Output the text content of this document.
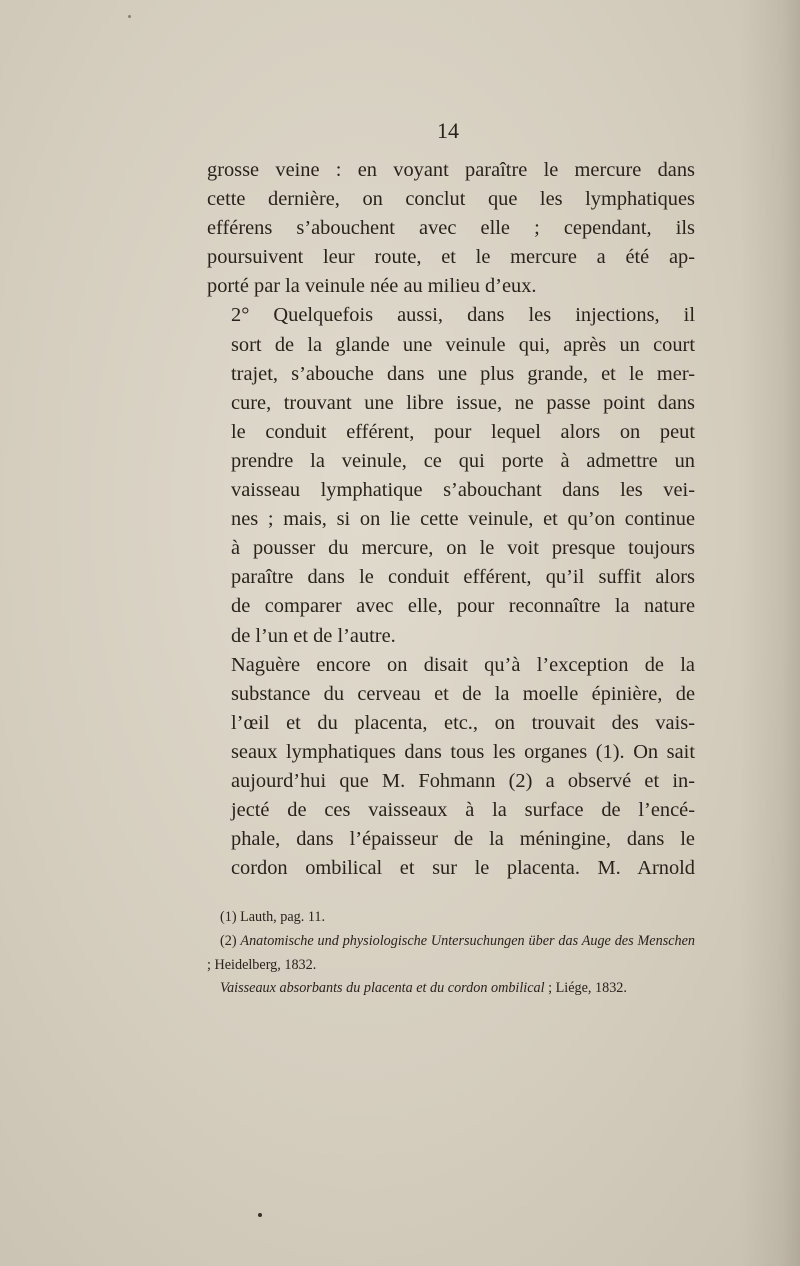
14

grosse veine : en voyant paraître le mercure dans
cette dernière, on conclut que les lymphatiques
efférens s’abouchent avec elle ; cependant, ils
poursuivent leur route, et le mercure a été ap-
porté par la veinule née au milieu d’eux.

2° Quelquefois aussi, dans les injections, il
sort de la glande une veinule qui, après un court
trajet, s’abouche dans une plus grande, et le mer-
cure, trouvant une libre issue, ne passe point dans
le conduit efférent, pour lequel alors on peut
prendre la veinule, ce qui porte à admettre un
vaisseau lymphatique s’abouchant dans les vei-
nes ; mais, si on lie cette veinule, et qu’on continue
à pousser du mercure, on le voit presque toujours
paraître dans le conduit efférent, qu’il suffit alors
de comparer avec elle, pour reconnaître la nature
de l’un et de l’autre.

Naguère encore on disait qu’à l’exception de la
substance du cerveau et de la moelle épinière, de
l’œil et du placenta, etc., on trouvait des vais-
seaux lymphatiques dans tous les organes (1). On sait
aujourd’hui que M. Fohmann (2) a observé et in-
jecté de ces vaisseaux à la surface de l’encé-
phale, dans l’épaisseur de la méningine, dans le
cordon ombilical et sur le placenta. M. Arnold

(1) Lauth, pag. 11.

(2) Anatomische und physiologische Untersuchungen über das Auge des Menschen ; Heidelberg, 1832.

Vaisseaux absorbants du placenta et du cordon ombilical ; Liége, 1832.
